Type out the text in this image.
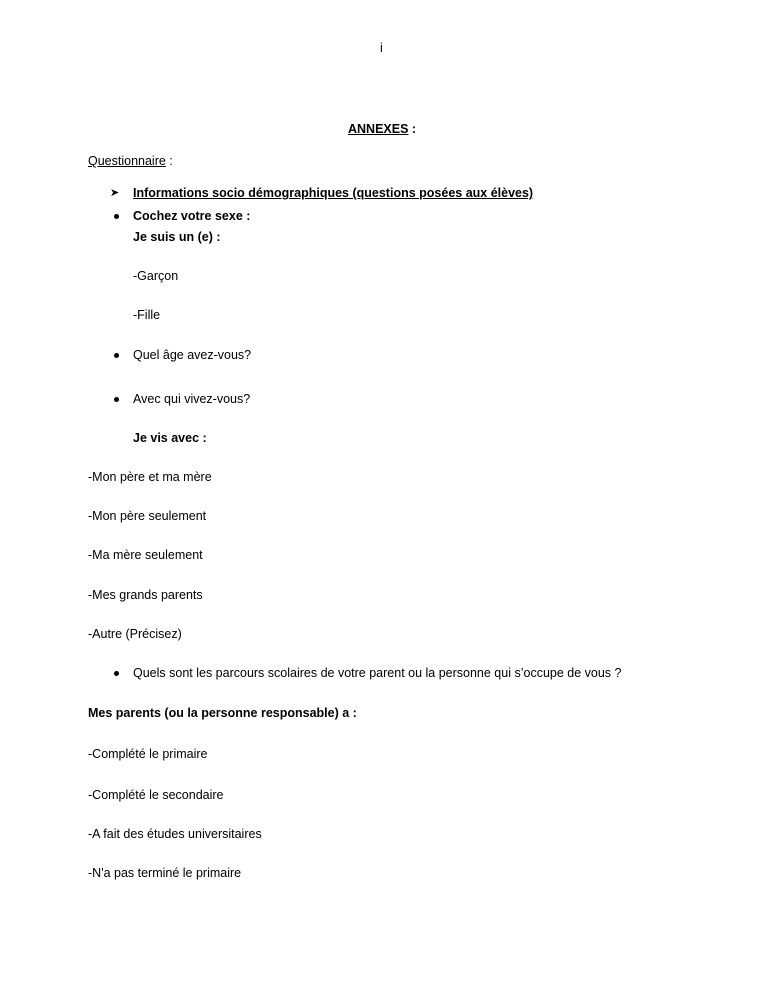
i
ANNEXES :
Questionnaire :
➤ Informations socio démographiques (questions posées aux élèves)
Cochez votre sexe :
Je suis un (e) :
-Garçon
-Fille
Quel âge avez-vous?
Avec qui vivez-vous?
Je vis avec :
-Mon père et ma mère
-Mon père seulement
-Ma mère seulement
-Mes grands parents
-Autre (Précisez)
Quels sont les parcours scolaires de votre parent ou la personne qui s’occupe de vous ?
Mes parents (ou la personne responsable) a :
-Complété le primaire
-Complété le secondaire
-A fait des études universitaires
-N'a pas terminé le primaire
